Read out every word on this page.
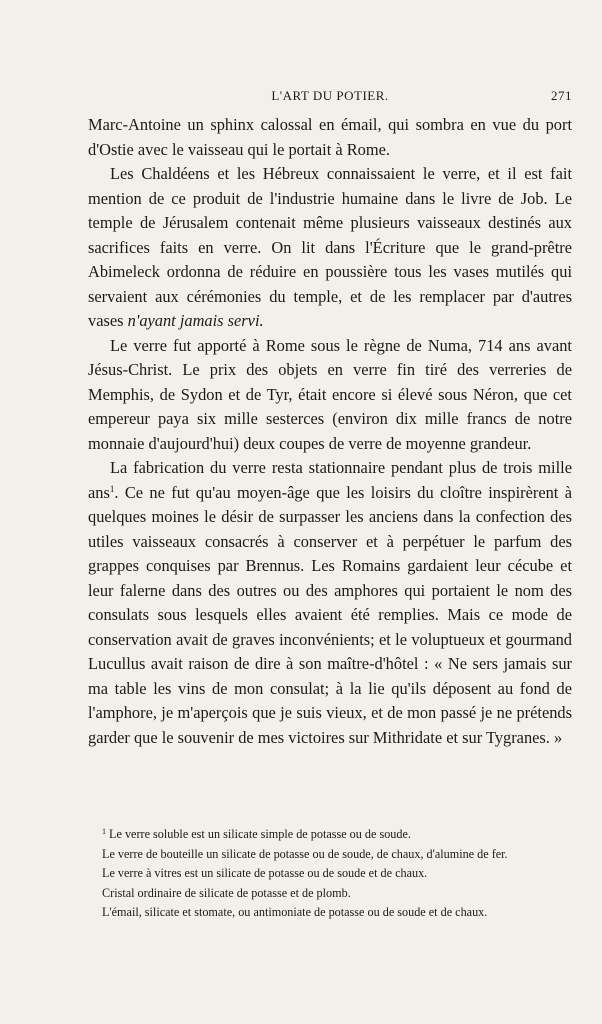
L'ART DU POTIER.	271

Marc-Antoine un sphinx calossal en émail, qui sombra en vue du port d'Ostie avec le vaisseau qui le portait à Rome.

Les Chaldéens et les Hébreux connaissaient le verre, et il est fait mention de ce produit de l'industrie humaine dans le livre de Job. Le temple de Jérusalem contenait même plusieurs vaisseaux destinés aux sacrifices faits en verre. On lit dans l'Écriture que le grand-prêtre Abimeleck ordonna de réduire en poussière tous les vases mutilés qui servaient aux cérémonies du temple, et de les remplacer par d'autres vases n'ayant jamais servi.

Le verre fut apporté à Rome sous le règne de Numa, 714 ans avant Jésus-Christ. Le prix des objets en verre fin tiré des verreries de Memphis, de Sydon et de Tyr, était encore si élevé sous Néron, que cet empereur paya six mille sesterces (environ dix mille francs de notre monnaie d'aujourd'hui) deux coupes de verre de moyenne grandeur.

La fabrication du verre resta stationnaire pendant plus de trois mille ans$^1$. Ce ne fut qu'au moyen-âge que les loisirs du cloître inspirèrent à quelques moines le désir de surpasser les anciens dans la confection des utiles vaisseaux consacrés à conserver et à perpétuer le parfum des grappes conquises par Brennus. Les Romains gardaient leur cécube et leur falerne dans des outres ou des amphores qui portaient le nom des consulats sous lesquels elles avaient été remplies. Mais ce mode de conservation avait de graves inconvénients; et le voluptueux et gourmand Lucullus avait raison de dire à son maître-d'hôtel : « Ne sers jamais sur ma table les vins de mon consulat; à la lie qu'ils déposent au fond de l'amphore, je m'aperçois que je suis vieux, et de mon passé je ne prétends garder que le souvenir de mes victoires sur Mithridate et sur Tygranes. »

$^1$ Le verre soluble est un silicate simple de potasse ou de soude.

Le verre de bouteille un silicate de potasse ou de soude, de chaux, d'alumine de fer.

Le verre à vitres est un silicate de potasse ou de soude et de chaux.

Cristal ordinaire de silicate de potasse et de plomb.

L'émail, silicate et stomate, ou antimoniate de potasse ou de soude et de chaux.
